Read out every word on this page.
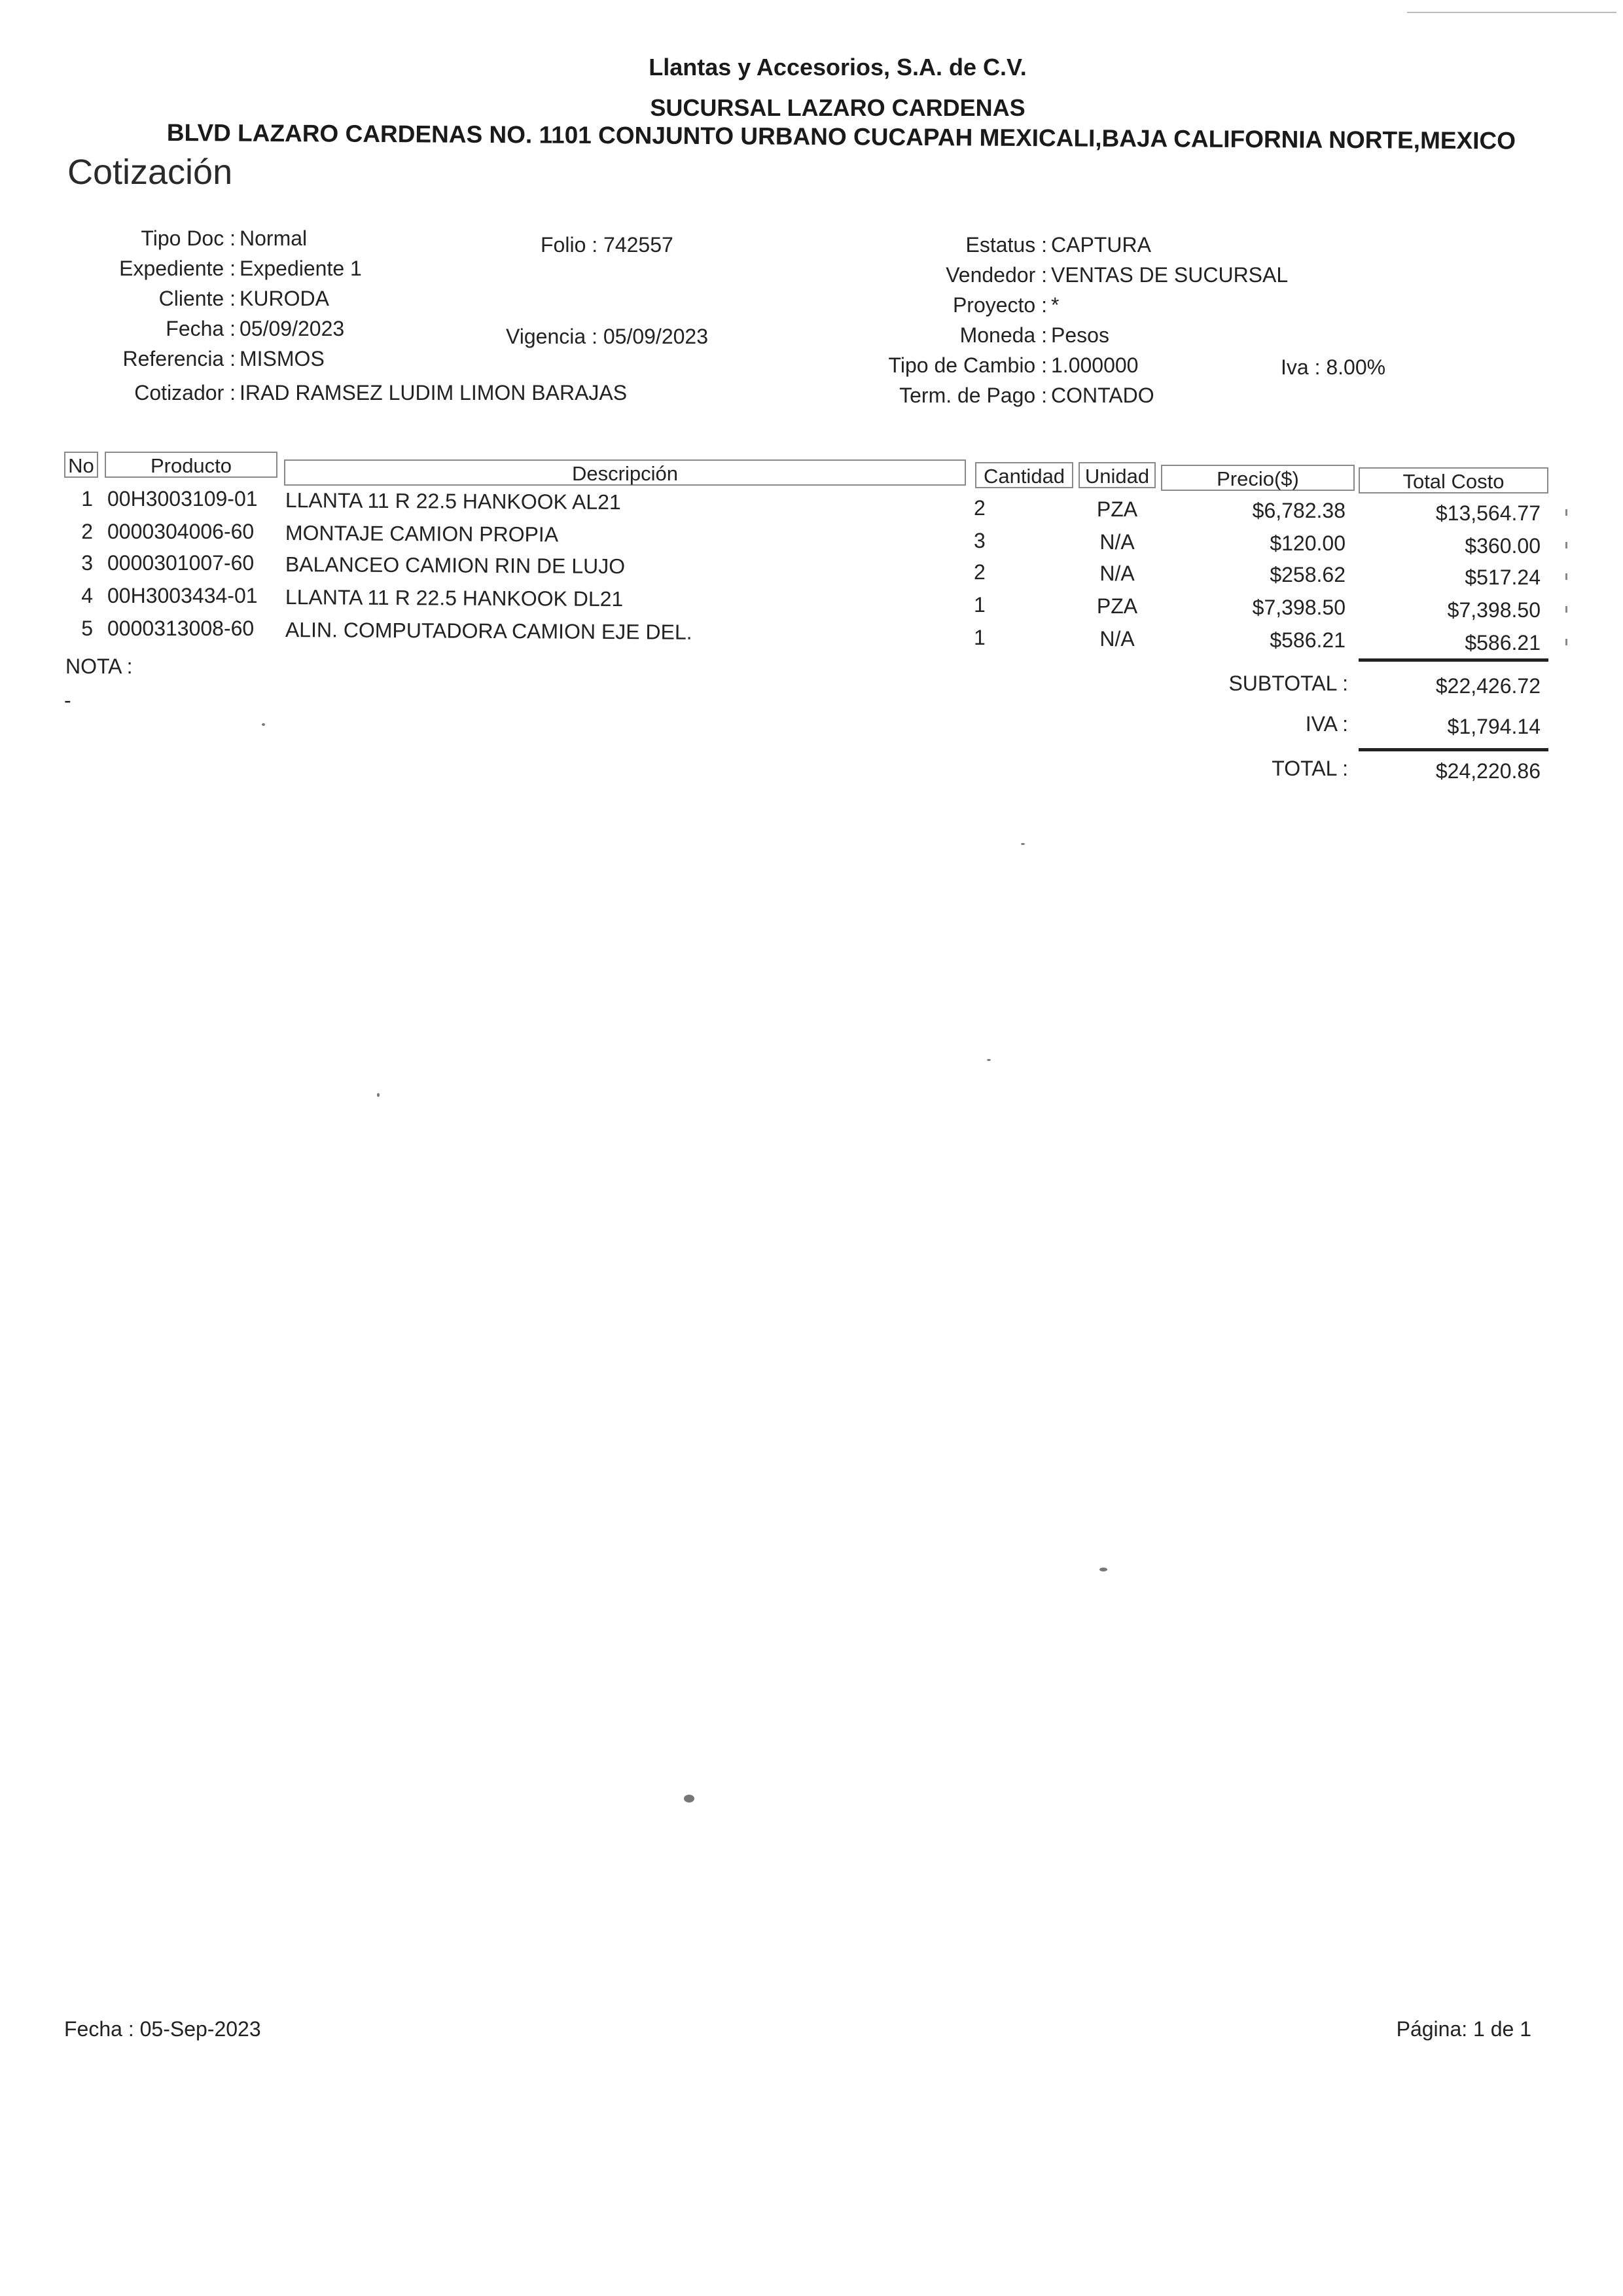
Llantas y Accesorios, S.A. de C.V.
SUCURSAL LAZARO CARDENAS
BLVD LAZARO CARDENAS NO. 1101 CONJUNTO URBANO CUCAPAH MEXICALI,BAJA CALIFORNIA NORTE,MEXICO
Cotización
Tipo Doc : Normal
Expediente : Expediente 1
Cliente : KURODA
Fecha : 05/09/2023
Referencia : MISMOS
Cotizador : IRAD RAMSEZ LUDIM LIMON BARAJAS
Folio : 742557
Vigencia : 05/09/2023
Estatus : CAPTURA
Vendedor : VENTAS DE SUCURSAL
Proyecto : *
Moneda : Pesos
Tipo de Cambio : 1.000000
Term. de Pago : CONTADO
Iva : 8.00%
No	Producto	Descripción	Cantidad Unidad	Precio($)	Total Costo
1 00H3003109-01 LLANTA 11 R 22.5 HANKOOK AL21	2	PZA	$6,782.38	$13,564.77
2 0000304006-60 MONTAJE CAMION PROPIA	3	N/A	$120.00	$360.00
3 0000301007-60 BALANCEO CAMION RIN DE LUJO	2	N/A	$258.62	$517.24
4 00H3003434-01 LLANTA 11 R 22.5 HANKOOK DL21	1	PZA	$7,398.50	$7,398.50
5 0000313008-60 ALIN. COMPUTADORA CAMION EJE DEL.	1	N/A	$586.21	$586.21
NOTA :
-
SUBTOTAL :	$22,426.72
IVA :	$1,794.14
TOTAL :	$24,220.86
Fecha : 05-Sep-2023	Página: 1 de 1
